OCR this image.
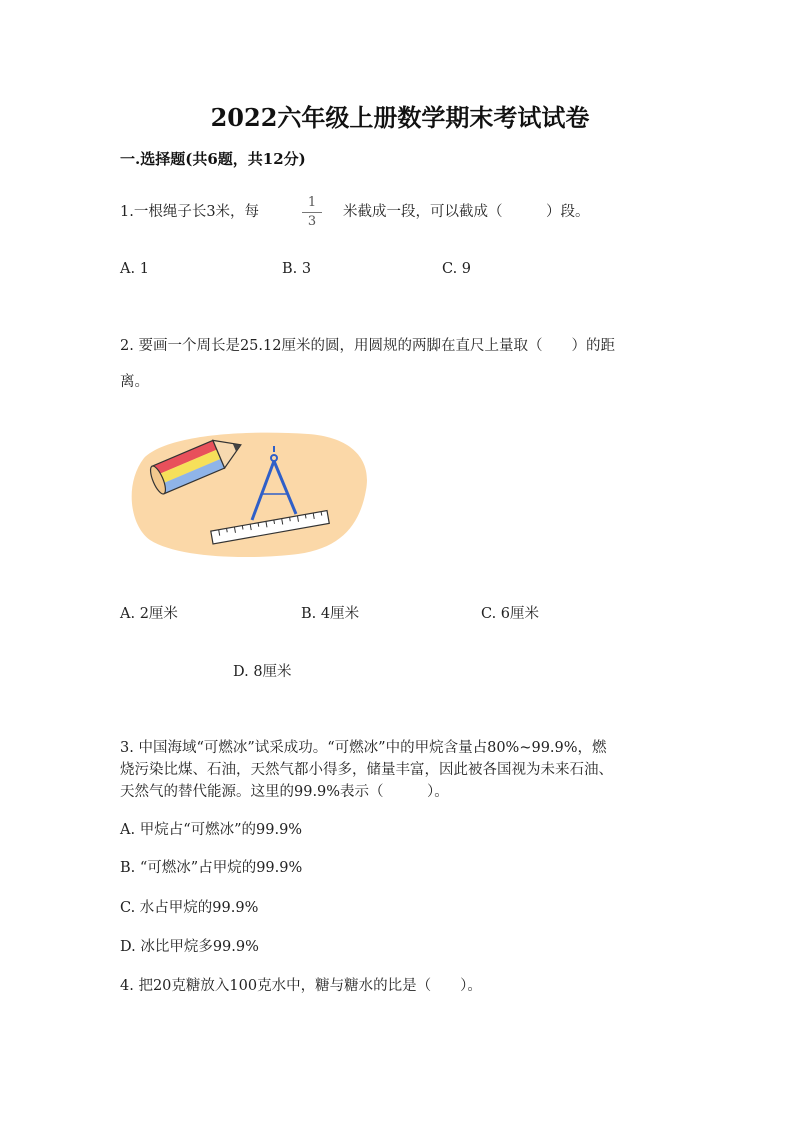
2022六年级上册数学期末考试试卷
一.选择题(共6题，共12分)
1.一根绳子长3米，每
1
3
米截成一段，可以截成（　　　）段。
A. 1	B. 3	C. 9
2. 要画一个周长是25.12厘米的圆，用圆规的两脚在直尺上量取（　　）的距
离。
A. 2厘米	B. 4厘米	C. 6厘米
D. 8厘米
3. 中国海域“可燃冰”试采成功。“可燃冰”中的甲烷含量占80%~99.9%，燃
烧污染比煤、石油，天然气都小得多，储量丰富，因此被各国视为未来石油、
天然气的替代能源。这里的99.9%表示（　　　）。
A. 甲烷占“可燃冰”的99.9%
B. “可燃冰”占甲烷的99.9%
C. 水占甲烷的99.9%
D. 冰比甲烷多99.9%
4. 把20克糖放入100克水中，糖与糖水的比是（　　）。
